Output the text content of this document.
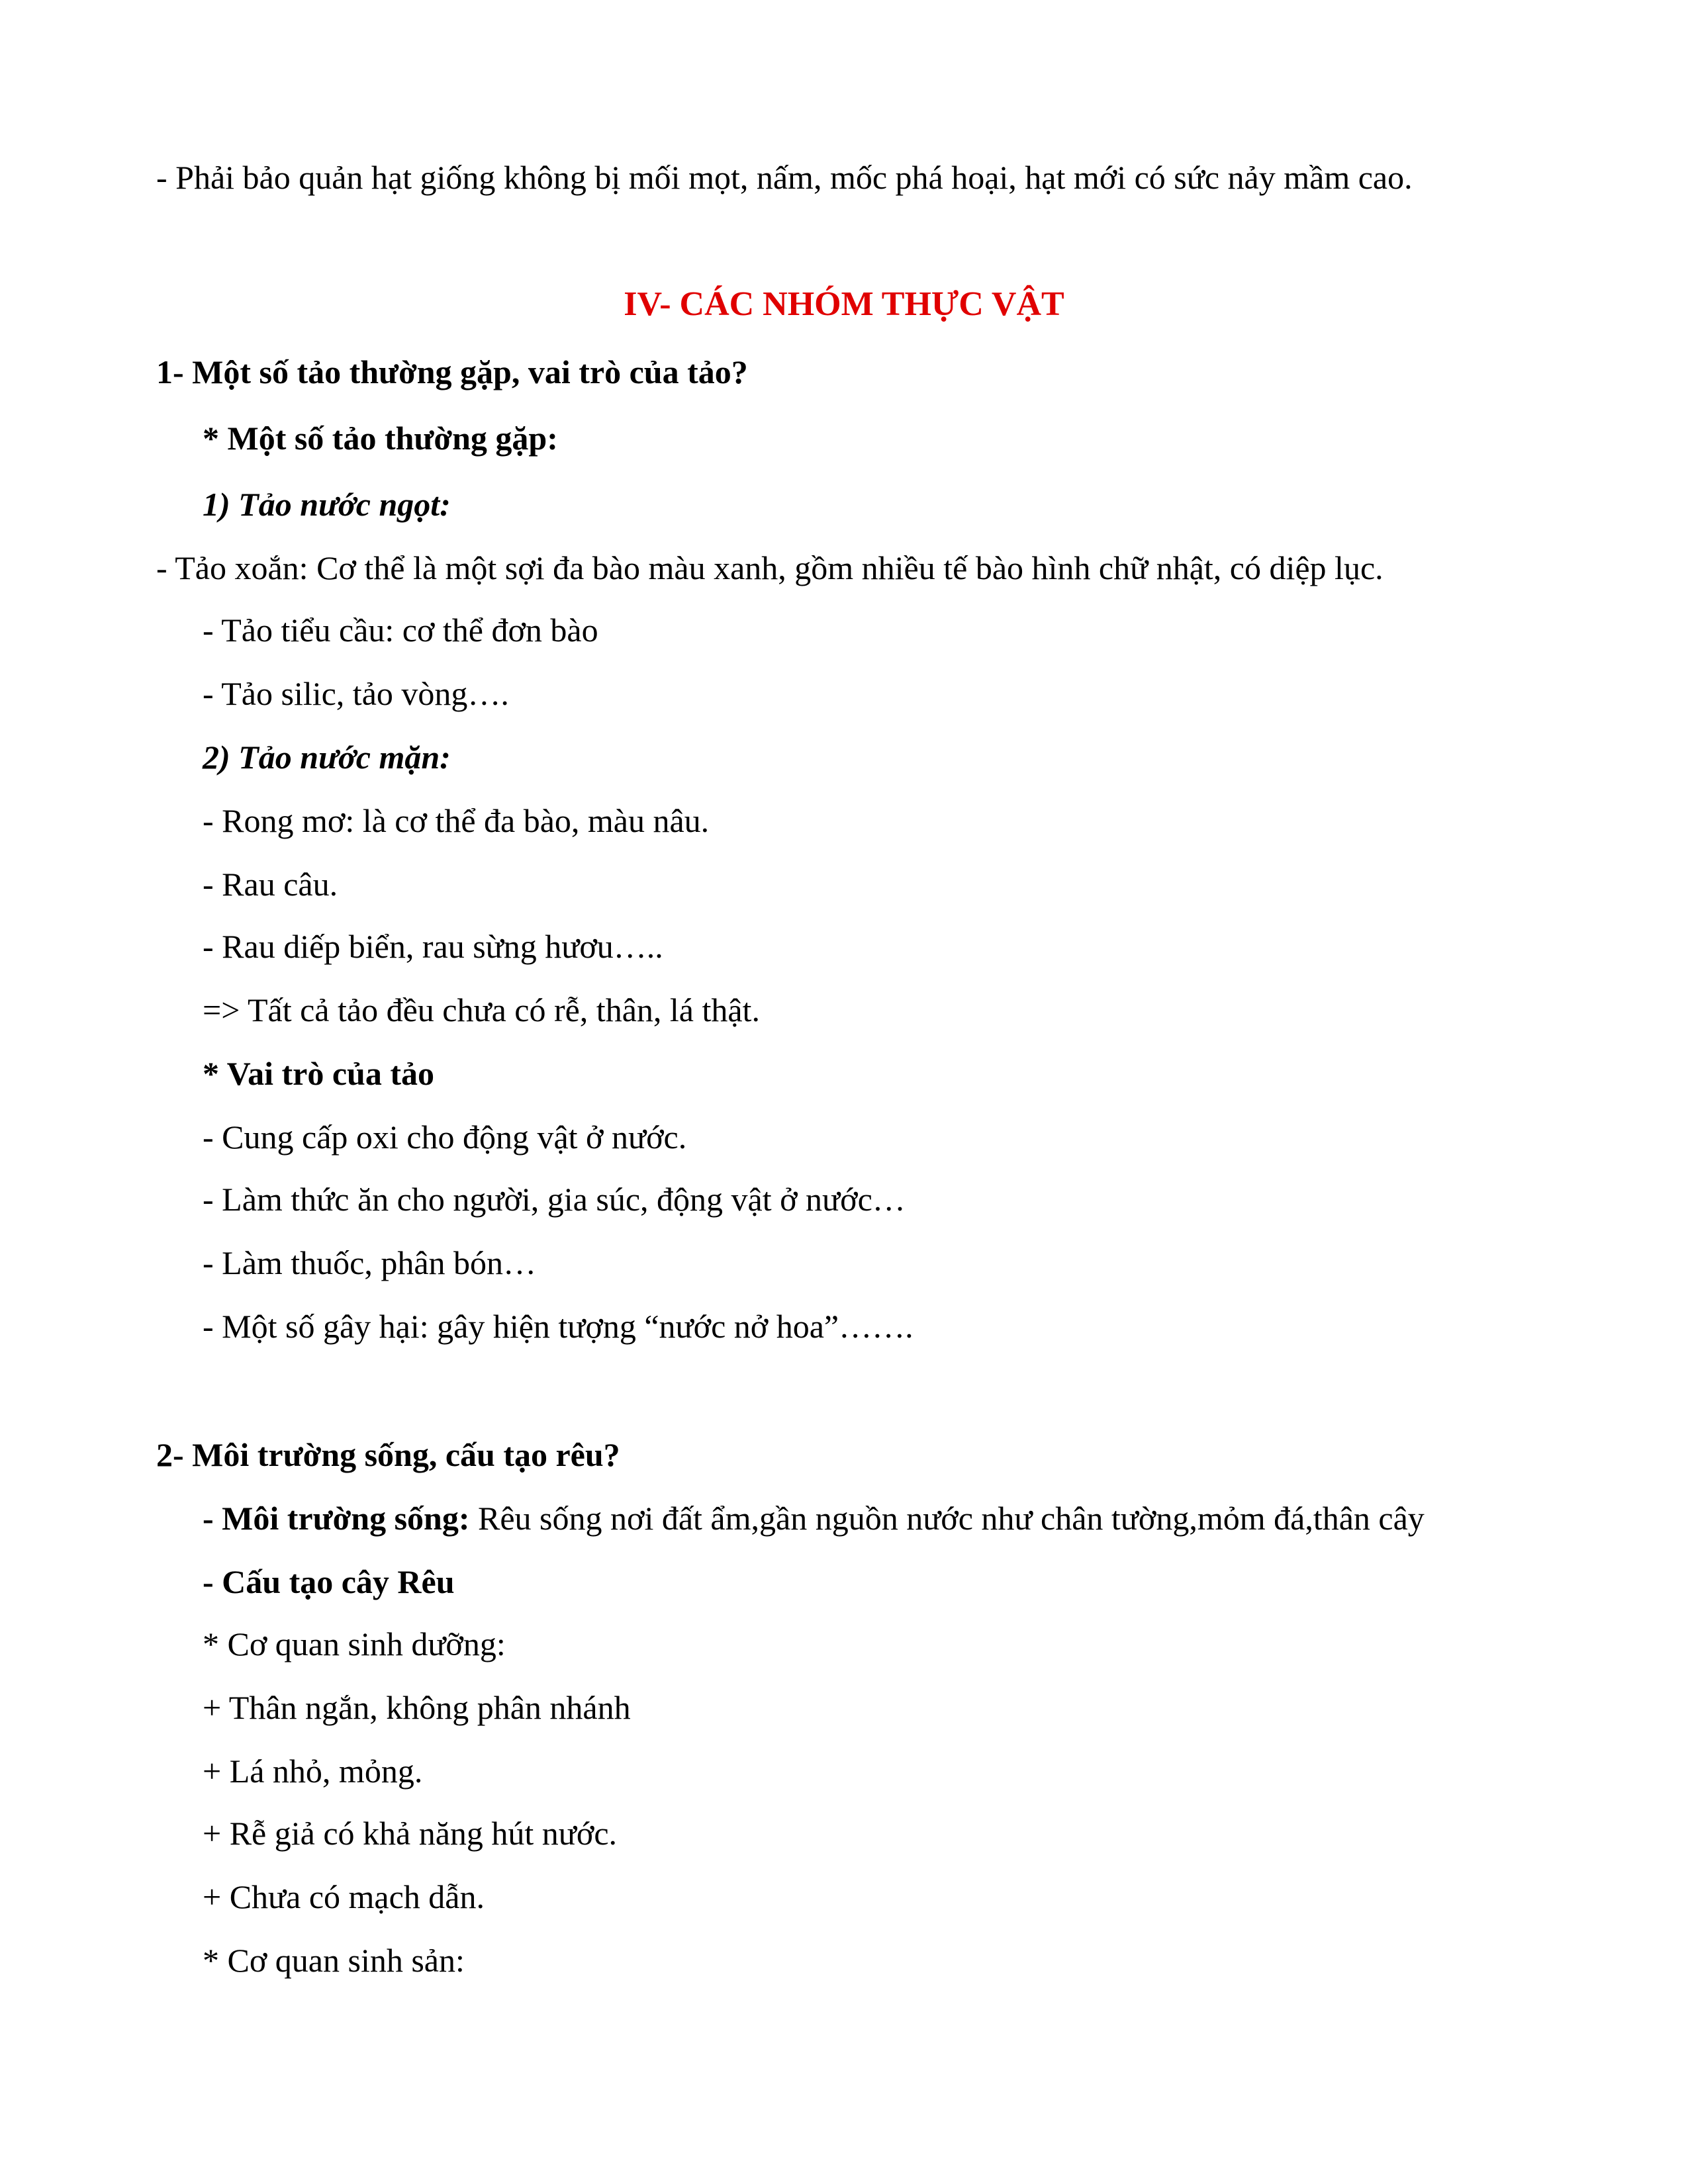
- Phải bảo quản hạt giống không bị mối mọt, nấm, mốc phá hoại, hạt mới có sức nảy mầm cao.

IV- CÁC NHÓM THỰC VẬT

1- Một số tảo thường gặp, vai trò của tảo?

* Một số tảo thường gặp:

1) Tảo nước ngọt:

- Tảo xoắn: Cơ thể là một sợi đa bào màu xanh, gồm nhiều tế bào hình chữ nhật, có diệp lục.

- Tảo tiểu cầu: cơ thể đơn bào

- Tảo silic, tảo vòng….

2) Tảo nước mặn:

- Rong mơ: là cơ thể đa bào, màu nâu.

- Rau câu.

- Rau diếp biển, rau sừng hươu…..

=> Tất cả tảo đều chưa có rễ, thân, lá thật.

* Vai trò của tảo

- Cung cấp oxi cho động vật ở nước.

- Làm thức ăn cho người, gia súc, động vật ở nước…

- Làm thuốc, phân bón…

- Một số gây hại: gây hiện tượng “nước nở hoa”…….

2- Môi trường sống, cấu tạo rêu?

- Môi trường sống: Rêu sống nơi đất ẩm,gần nguồn nước như chân tường,mỏm đá,thân cây

- Cấu tạo cây Rêu

* Cơ quan sinh dưỡng:

+ Thân ngắn, không phân nhánh

+ Lá nhỏ, mỏng.

+ Rễ giả có khả năng hút nước.

+ Chưa có mạch dẫn.

* Cơ quan sinh sản:
